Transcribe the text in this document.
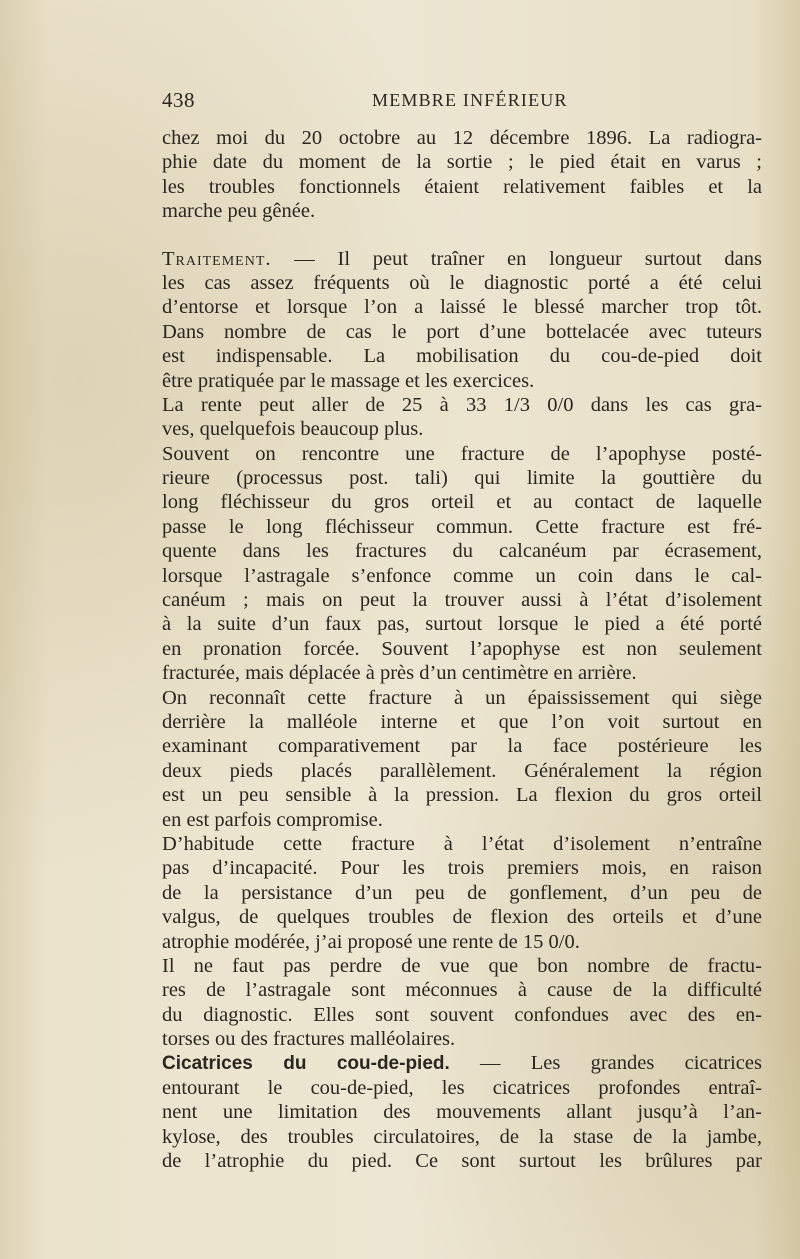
438	MEMBRE INFÉRIEUR
chez moi du 20 octobre au 12 décembre 1896. La radiogra-
phie date du moment de la sortie ; le pied était en varus ;
les troubles fonctionnels étaient relativement faibles et la
marche peu gênée.
Traitement. — Il peut traîner en longueur surtout dans
les cas assez fréquents où le diagnostic porté a été celui
d’entorse et lorsque l’on a laissé le blessé marcher trop tôt.
Dans nombre de cas le port d’une bottelacée avec tuteurs
est indispensable. La mobilisation du cou-de-pied doit
être pratiquée par le massage et les exercices.
La rente peut aller de 25 à 33 1/3 0/0 dans les cas gra-
ves, quelquefois beaucoup plus.
Souvent on rencontre une fracture de l’apophyse posté-
rieure (processus post. tali) qui limite la gouttière du
long fléchisseur du gros orteil et au contact de laquelle
passe le long fléchisseur commun. Cette fracture est fré-
quente dans les fractures du calcanéum par écrasement,
lorsque l’astragale s’enfonce comme un coin dans le cal-
canéum ; mais on peut la trouver aussi à l’état d’isolement
à la suite d’un faux pas, surtout lorsque le pied a été porté
en pronation forcée. Souvent l’apophyse est non seulement
fracturée, mais déplacée à près d’un centimètre en arrière.
On reconnaît cette fracture à un épaississement qui siège
derrière la malléole interne et que l’on voit surtout en
examinant comparativement par la face postérieure les
deux pieds placés parallèlement. Généralement la région
est un peu sensible à la pression. La flexion du gros orteil
en est parfois compromise.
D’habitude cette fracture à l’état d’isolement n’entraîne
pas d’incapacité. Pour les trois premiers mois, en raison
de la persistance d’un peu de gonflement, d’un peu de
valgus, de quelques troubles de flexion des orteils et d’une
atrophie modérée, j’ai proposé une rente de 15 0/0.
Il ne faut pas perdre de vue que bon nombre de fractu-
res de l’astragale sont méconnues à cause de la difficulté
du diagnostic. Elles sont souvent confondues avec des en-
torses ou des fractures malléolaires.
Cicatrices du cou-de-pied. — Les grandes cicatrices
entourant le cou-de-pied, les cicatrices profondes entraî-
nent une limitation des mouvements allant jusqu’à l’an-
kylose, des troubles circulatoires, de la stase de la jambe,
de l’atrophie du pied. Ce sont surtout les brûlures par
